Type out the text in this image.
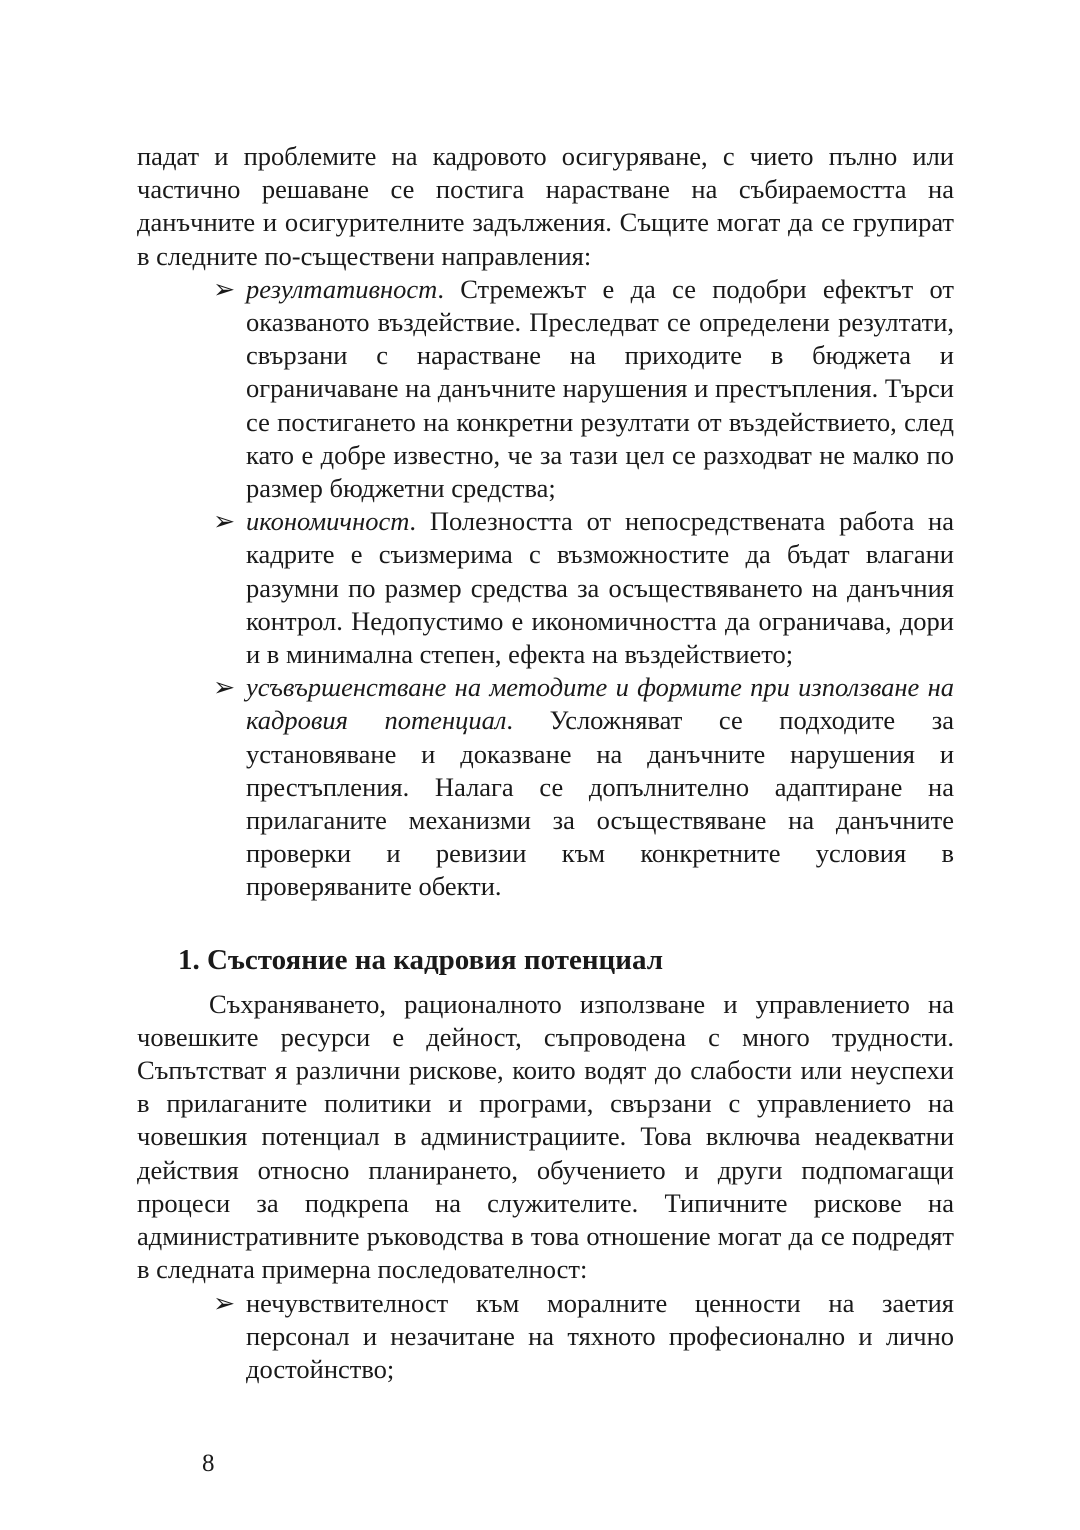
падат и проблемите на кадровото осигуряване, с чието пълно или частично решаване се постига нарастване на събираемостта на данъчните и осигурителните задължения. Същите могат да се групират в следните по-съществени направления:

➢ резултативност. Стремежът е да се подобри ефектът от оказваното въздействие. Преследват се определени резултати, свързани с нарастване на приходите в бюджета и ограничаване на данъчните нарушения и престъпления. Търси се постигането на конкретни резултати от въздействието, след като е добре известно, че за тази цел се разходват не малко по размер бюджетни средства;
➢ икономичност. Полезността от непосредствената работа на кадрите е съизмерима с възможностите да бъдат влагани разумни по размер средства за осъществяването на данъчния контрол. Недопустимо е икономичността да ограничава, дори и в минимална степен, ефекта на въздействието;
➢ усъвършенстване на методите и формите при използване на кадровия потенциал. Усложняват се подходите за установяване и доказване на данъчните нарушения и престъпления. Налага се допълнително адаптиране на прилаганите механизми за осъществяване на данъчните проверки и ревизии към конкретните условия в проверяваните обекти.
1. Състояние на кадровия потенциал

Съхраняването, рационалното използване и управлението на човешките ресурси е дейност, съпроводена с много трудности. Съпътстват я различни рискове, които водят до слабости или неуспехи в прилаганите политики и програми, свързани с управлението на човешкия потенциал в администрациите. Това включва неадекватни действия относно планирането, обучението и други подпомагащи процеси за подкрепа на служителите. Типичните рискове на административните ръководства в това отношение могат да се подредят в следната примерна последователност:

➢ нечувствителност към моралните ценности на заетия персонал и незачитане на тяхното професионално и лично достойнство;
8
